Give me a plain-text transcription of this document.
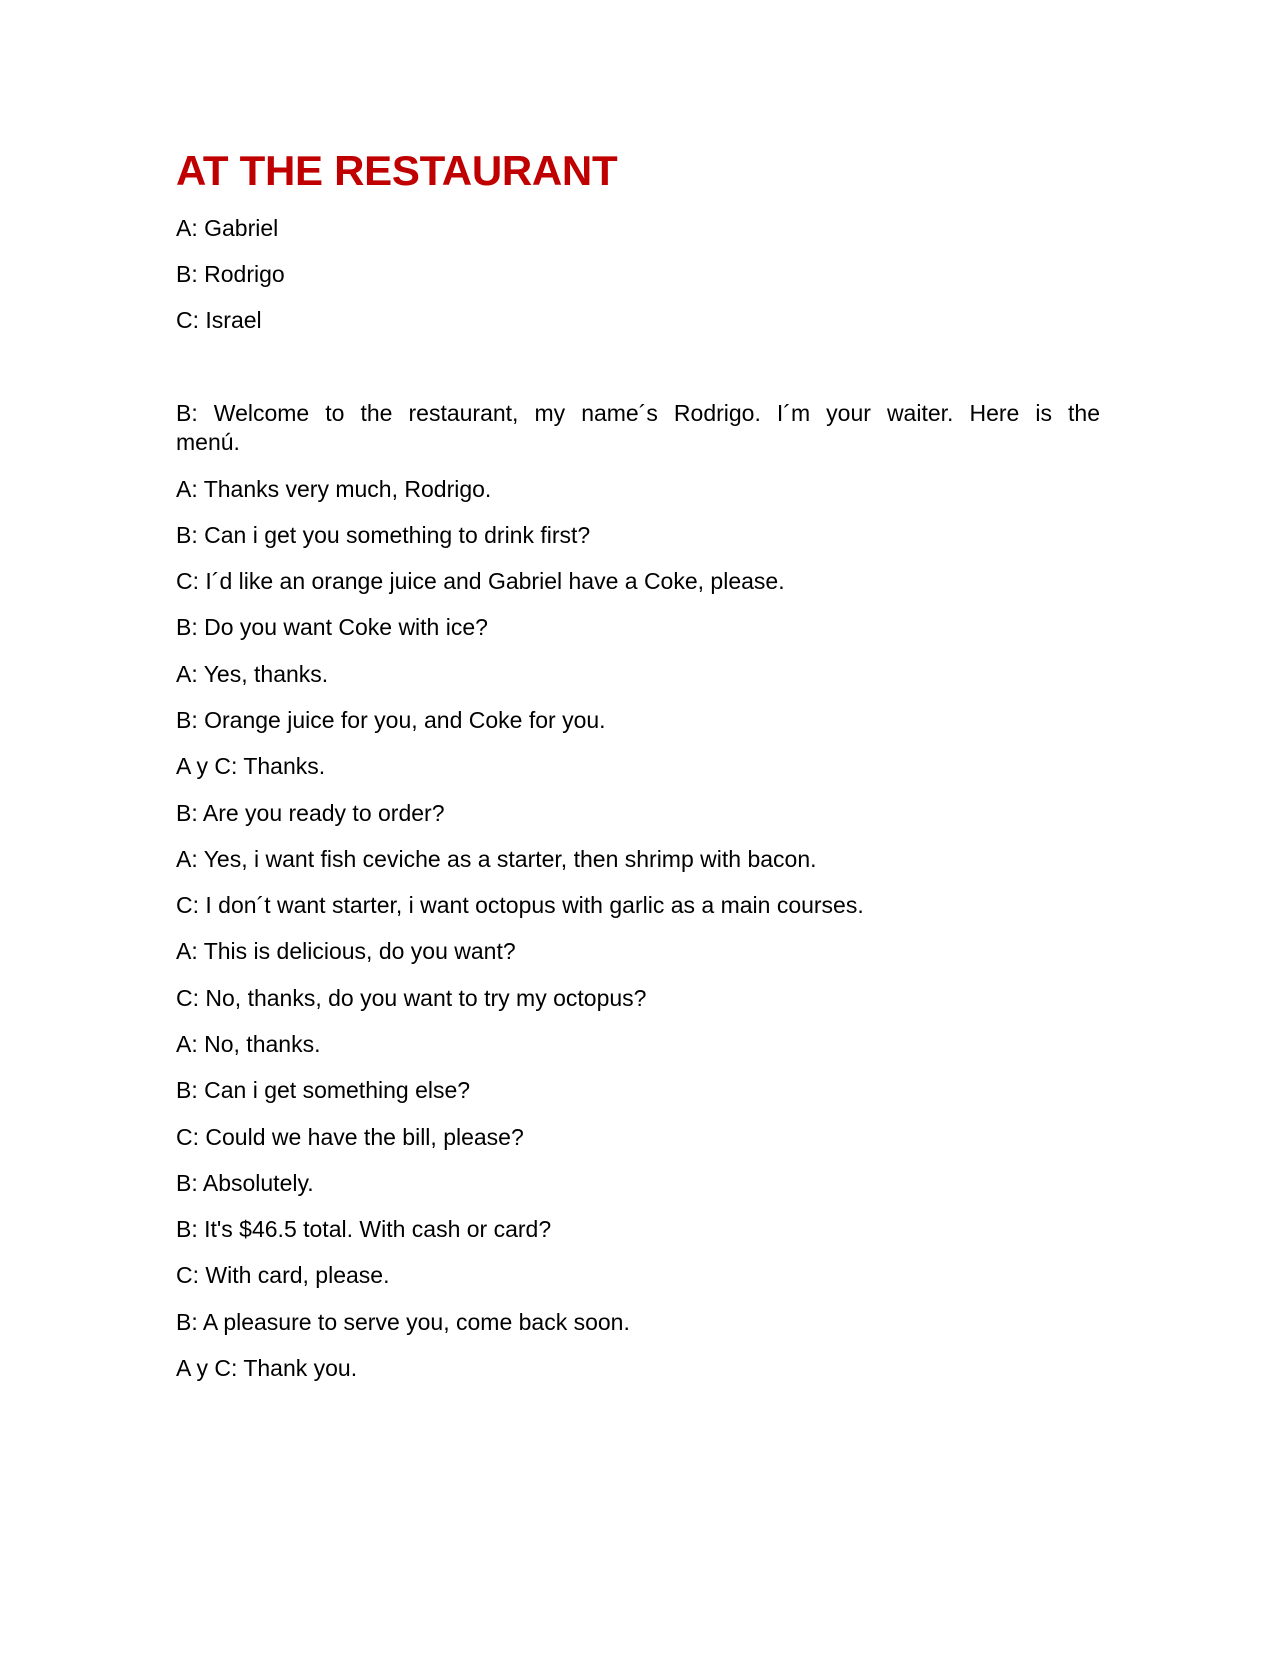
AT THE RESTAURANT

A: Gabriel

B: Rodrigo

C: Israel

B: Welcome to the restaurant, my name´s Rodrigo. I´m your waiter. Here is the

menú.

A: Thanks very much, Rodrigo.

B: Can i get you something to drink first?

C: I´d like an orange juice and Gabriel have a Coke, please.

B: Do you want Coke with ice?

A: Yes, thanks.

B: Orange juice for you, and Coke for you.

A y C: Thanks.

B: Are you ready to order?

A: Yes, i want fish ceviche as a starter, then shrimp with bacon.

C: I don´t want starter, i want octopus with garlic as a main courses.

A: This is delicious, do you want?

C: No, thanks, do you want to try my octopus?

A: No, thanks.

B: Can i get something else?

C: Could we have the bill, please?

B: Absolutely.

B: It's $46.5 total. With cash or card?

C: With card, please.

B: A pleasure to serve you, come back soon.

A y C: Thank you.
